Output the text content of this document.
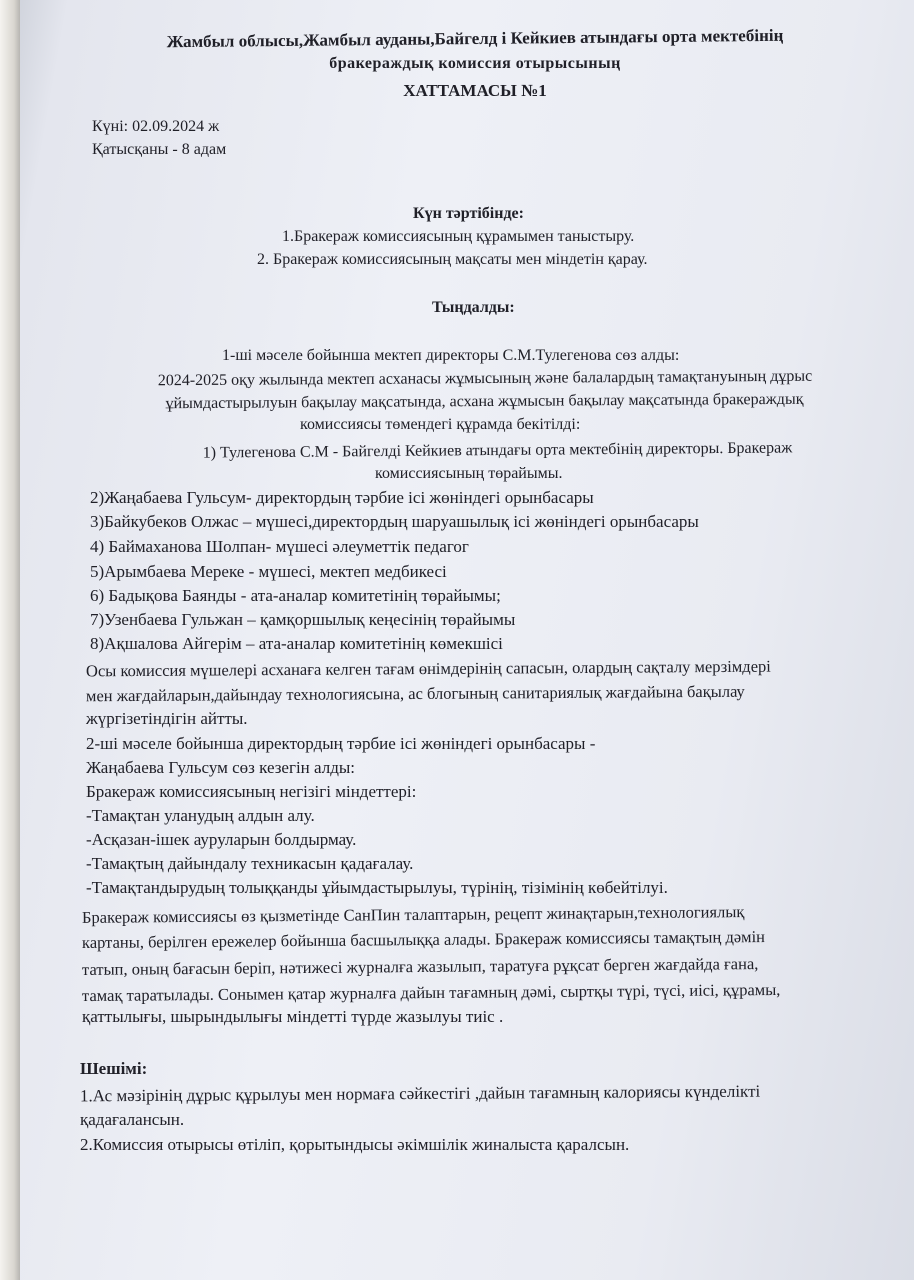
Жамбыл облысы,Жамбыл ауданы,Байгелд і Кейкиев атындағы орта мектебінің
бракераждық комиссия отырысының
ХАТТАМАСЫ №1
Күні: 02.09.2024 ж
Қатысқаны - 8 адам
Күн тәртібінде:
1.Бракераж комиссиясының құрамымен таныстыру.
2. Бракераж комиссиясының мақсаты мен міндетін қарау.
Тыңдалды:
1-ші мәселе бойынша мектеп директоры С.М.Тулегенова сөз алды:
2024-2025 оқу жылында мектеп асханасы жұмысының және балалардың тамақтануының дұрыс
ұйымдастырылуын бақылау мақсатында, асхана жұмысын бақылау мақсатында бракераждық
комиссиясы төмендегі құрамда бекітілді:
1) Тулегенова С.М - Байгелді Кейкиев атындағы орта мектебінің директоры. Бракераж
комиссиясының төрайымы.
2)Жаңабаева Гульсум- директордың тәрбие ісі жөніндегі орынбасары
3)Байкубеков Олжас – мүшесі,директордың шаруашылық ісі жөніндегі орынбасары
4) Баймаханова Шолпан- мүшесі әлеуметтік педагог
5)Арымбаева Мереке - мүшесі, мектеп медбикесі
6) Бадықова Баянды - ата-аналар комитетінің төрайымы;
7)Узенбаева Гульжан – қамқоршылық кеңесінің төрайымы
8)Ақшалова Айгерім – ата-аналар комитетінің көмекшісі
Осы комиссия мүшелері асханаға келген тағам өнімдерінің сапасын, олардың сақталу мерзімдері
мен жағдайларын,дайындау технологиясына, ас блогының санитариялық жағдайына бақылау
жүргізетіндігін айтты.
2-ші мәселе бойынша директордың тәрбие ісі жөніндегі орынбасары -
Жаңабаева Гульсум сөз кезегін алды:
Бракераж комиссиясының негізігі міндеттері:
-Тамақтан уланудың алдын алу.
-Асқазан-ішек ауруларын болдырмау.
-Тамақтың дайындалу техникасын қадағалау.
-Тамақтандырудың толыққанды ұйымдастырылуы, түрінің, тізімінің көбейтілуі.
Бракераж комиссиясы өз қызметінде СанПин талаптарын, рецепт жинақтарын,технологиялық
картаны, берілген ережелер бойынша басшылыққа алады. Бракераж комиссиясы тамақтың дәмін
татып, оның бағасын беріп, нәтижесі журналға жазылып, таратуға рұқсат берген жағдайда ғана,
тамақ таратылады. Сонымен қатар журналға дайын тағамның дәмі, сыртқы түрі, түсі, иісі, құрамы,
қаттылығы, шырындылығы міндетті түрде жазылуы тиіс .
Шешімі:
1.Ас мәзірінің дұрыс құрылуы мен нормаға сәйкестігі ,дайын тағамның калориясы күнделікті
қадағалансын.
2.Комиссия отырысы өтіліп, қорытындысы әкімшілік жиналыста қаралсын.
